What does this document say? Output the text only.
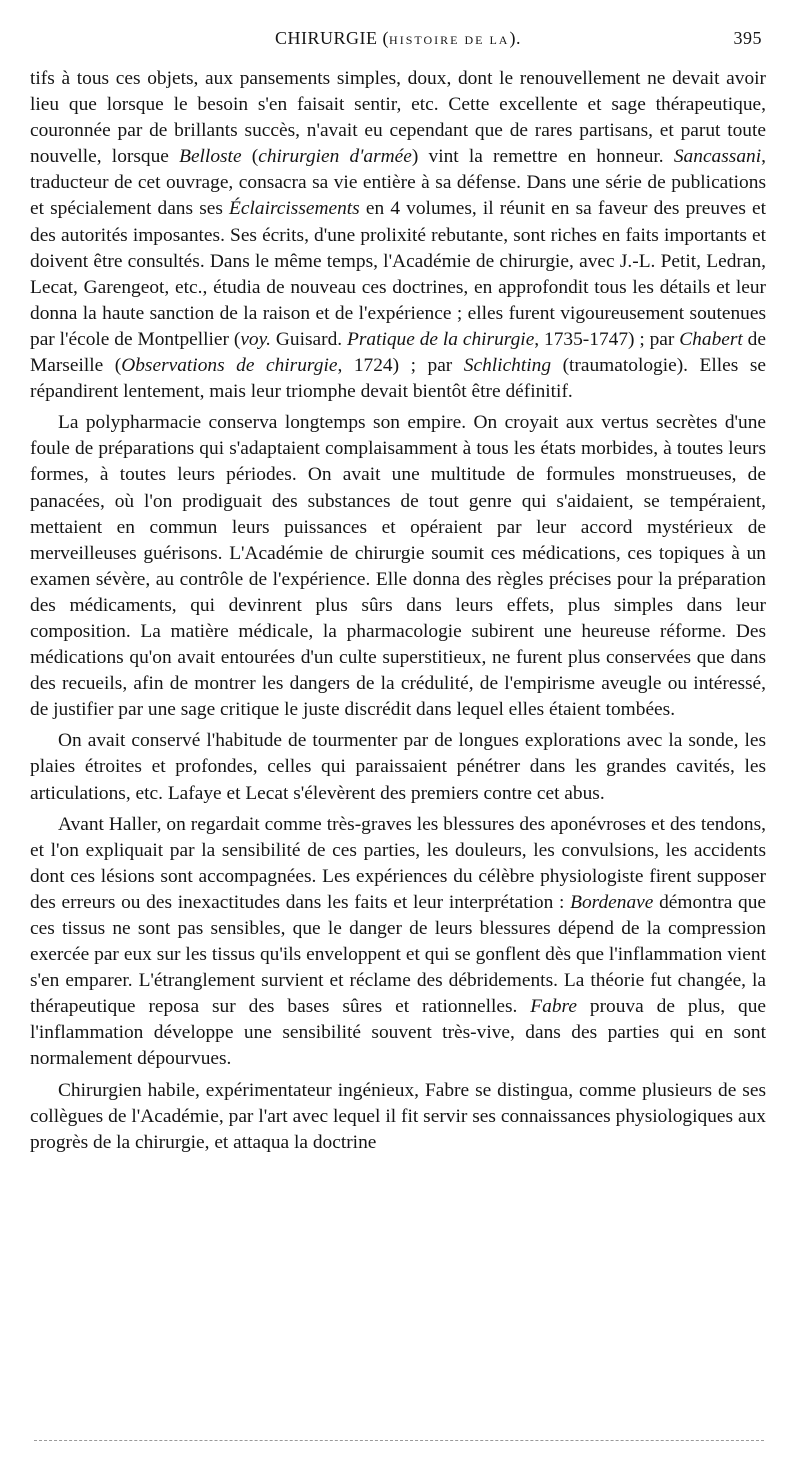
CHIRURGIE (HISTOIRE DE LA).	395

tifs à tous ces objets, aux pansements simples, doux, dont le renouvellement ne devait avoir lieu que lorsque le besoin s'en faisait sentir, etc. Cette excellente et sage thérapeutique, couronnée par de brillants succès, n'avait eu cependant que de rares partisans, et parut toute nouvelle, lorsque Belloste (chirurgien d'armée) vint la remettre en honneur. Sancassani, traducteur de cet ouvrage, consacra sa vie entière à sa défense. Dans une série de publications et spécialement dans ses Éclaircissements en 4 volumes, il réunit en sa faveur des preuves et des autorités imposantes. Ses écrits, d'une prolixité rebutante, sont riches en faits importants et doivent être consultés. Dans le même temps, l'Académie de chirurgie, avec J.-L. Petit, Ledran, Lecat, Garengeot, etc., étudia de nouveau ces doctrines, en approfondit tous les détails et leur donna la haute sanction de la raison et de l'expérience ; elles furent vigoureusement soutenues par l'école de Montpellier (voy. Guisard. Pratique de la chirurgie, 1735-1747) ; par Chabert de Marseille (Observations de chirurgie, 1724) ; par Schlichting (traumatologie). Elles se répandirent lentement, mais leur triomphe devait bientôt être définitif.

La polypharmacie conserva longtemps son empire. On croyait aux vertus secrètes d'une foule de préparations qui s'adaptaient complaisamment à tous les états morbides, à toutes leurs formes, à toutes leurs périodes. On avait une multitude de formules monstrueuses, de panacées, où l'on prodiguait des substances de tout genre qui s'aidaient, se tempéraient, mettaient en commun leurs puissances et opéraient par leur accord mystérieux de merveilleuses guérisons. L'Académie de chirurgie soumit ces médications, ces topiques à un examen sévère, au contrôle de l'expérience. Elle donna des règles précises pour la préparation des médicaments, qui devinrent plus sûrs dans leurs effets, plus simples dans leur composition. La matière médicale, la pharmacologie subirent une heureuse réforme. Des médications qu'on avait entourées d'un culte superstitieux, ne furent plus conservées que dans des recueils, afin de montrer les dangers de la crédulité, de l'empirisme aveugle ou intéressé, de justifier par une sage critique le juste discrédit dans lequel elles étaient tombées.

On avait conservé l'habitude de tourmenter par de longues explorations avec la sonde, les plaies étroites et profondes, celles qui paraissaient pénétrer dans les grandes cavités, les articulations, etc. Lafaye et Lecat s'élevèrent des premiers contre cet abus.

Avant Haller, on regardait comme très-graves les blessures des aponévroses et des tendons, et l'on expliquait par la sensibilité de ces parties, les douleurs, les convulsions, les accidents dont ces lésions sont accompagnées. Les expériences du célèbre physiologiste firent supposer des erreurs ou des inexactitudes dans les faits et leur interprétation : Bordenave démontra que ces tissus ne sont pas sensibles, que le danger de leurs blessures dépend de la compression exercée par eux sur les tissus qu'ils enveloppent et qui se gonflent dès que l'inflammation vient s'en emparer. L'étranglement survient et réclame des débridements. La théorie fut changée, la thérapeutique reposa sur des bases sûres et rationnelles. Fabre prouva de plus, que l'inflammation développe une sensibilité souvent très-vive, dans des parties qui en sont normalement dépourvues.

Chirurgien habile, expérimentateur ingénieux, Fabre se distingua, comme plusieurs de ses collègues de l'Académie, par l'art avec lequel il fit servir ses connaissances physiologiques aux progrès de la chirurgie, et attaqua la doctrine
